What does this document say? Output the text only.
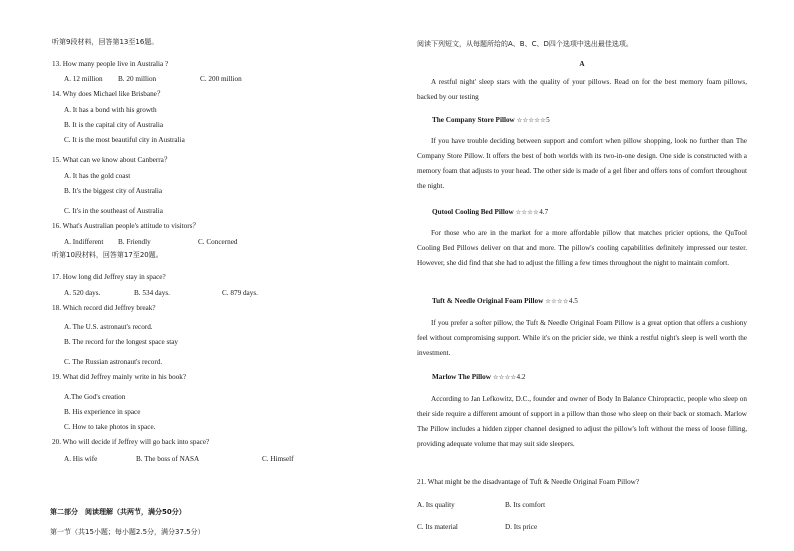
听第9段材料，回答第13至16题。
13. How many people live in Australia ?
A. 12 million B. 20 million	C. 200 million
14. Why does Michael like Brisbane？
A. It has a bond with his growth
B. It is the capital city of Australia
C. It is the most beautiful city in Australia
15. What can we know about Canberra？
A. It has the gold coast
B. It's the biggest city of Australia
C. It's in the southeast of Australia
16. What's Australian people's attitude to visitors？
A. Indifferent B. Friendly	C. Concerned
听第10段材料，回答第17至20题。
17. How long did Jeffrey stay in space?
A. 520 days.	B. 534 days.	C. 879 days.
18. Which record did Jeffrey break?
A. The U.S. astronaut's record.
B. The record for the longest space stay
C. The Russian astronaut's record.
19. What did Jeffrey mainly write in his book?
A.The God's creation
B. His experience in space
C. How to take photos in space.
20. Who will decide if Jeffrey will go back into space?
A. His wife	B. The boss of NASA	C. Himself
第二部分　阅读理解（共两节，满分50分）
第一节（共15小题；每小题2.5分，满分37.5分）
阅读下列短文，从每题所给的A、B、C、D四个选项中选出最佳选项。
A
A restful night' sleep stars with the quality of your pillows. Read on for the best memory foam pillows, backed by our testing
The Company Store Pillow ☆☆☆☆☆5
If you have trouble deciding between support and comfort when pillow shopping, look no further than The Company Store Pillow. It offers the best of both worlds with its two-in-one design. One side is constructed with a memory foam that adjusts to your head. The other side is made of a gel fiber and offers tons of comfort throughout the night.
Qutool Cooling Bed Pillow ☆☆☆☆4.7
For those who are in the market for a more affordable pillow that matches pricier options, the QuTool Cooling Bed Pillows deliver on that and more. The pillow's cooling capabilities definitely impressed our tester. However, she did find that she had to adjust the filling a few times throughout the night to maintain comfort.
Tuft & Needle Original Foam Pillow ☆☆☆☆4.5
If you prefer a softer pillow, the Tuft & Needle Original Foam Pillow is a great option that offers a cushiony feel without compromising support. While it's on the pricier side, we think a restful night's sleep is well worth the investment.
Marlow The Pillow ☆☆☆☆4.2
According to Jan Lefkowitz, D.C., founder and owner of Body In Balance Chiropractic, people who sleep on their side require a different amount of support in a pillow than those who sleep on their back or stomach. Marlow The Pillow includes a hidden zipper channel designed to adjust the pillow's loft without the mess of loose filling, providing adequate volume that may suit side sleepers.
21. What might be the disadvantage of Tuft & Needle Original Foam Pillow?
A. Its quality	B. Its comfort
C. Its material	D. Its price
